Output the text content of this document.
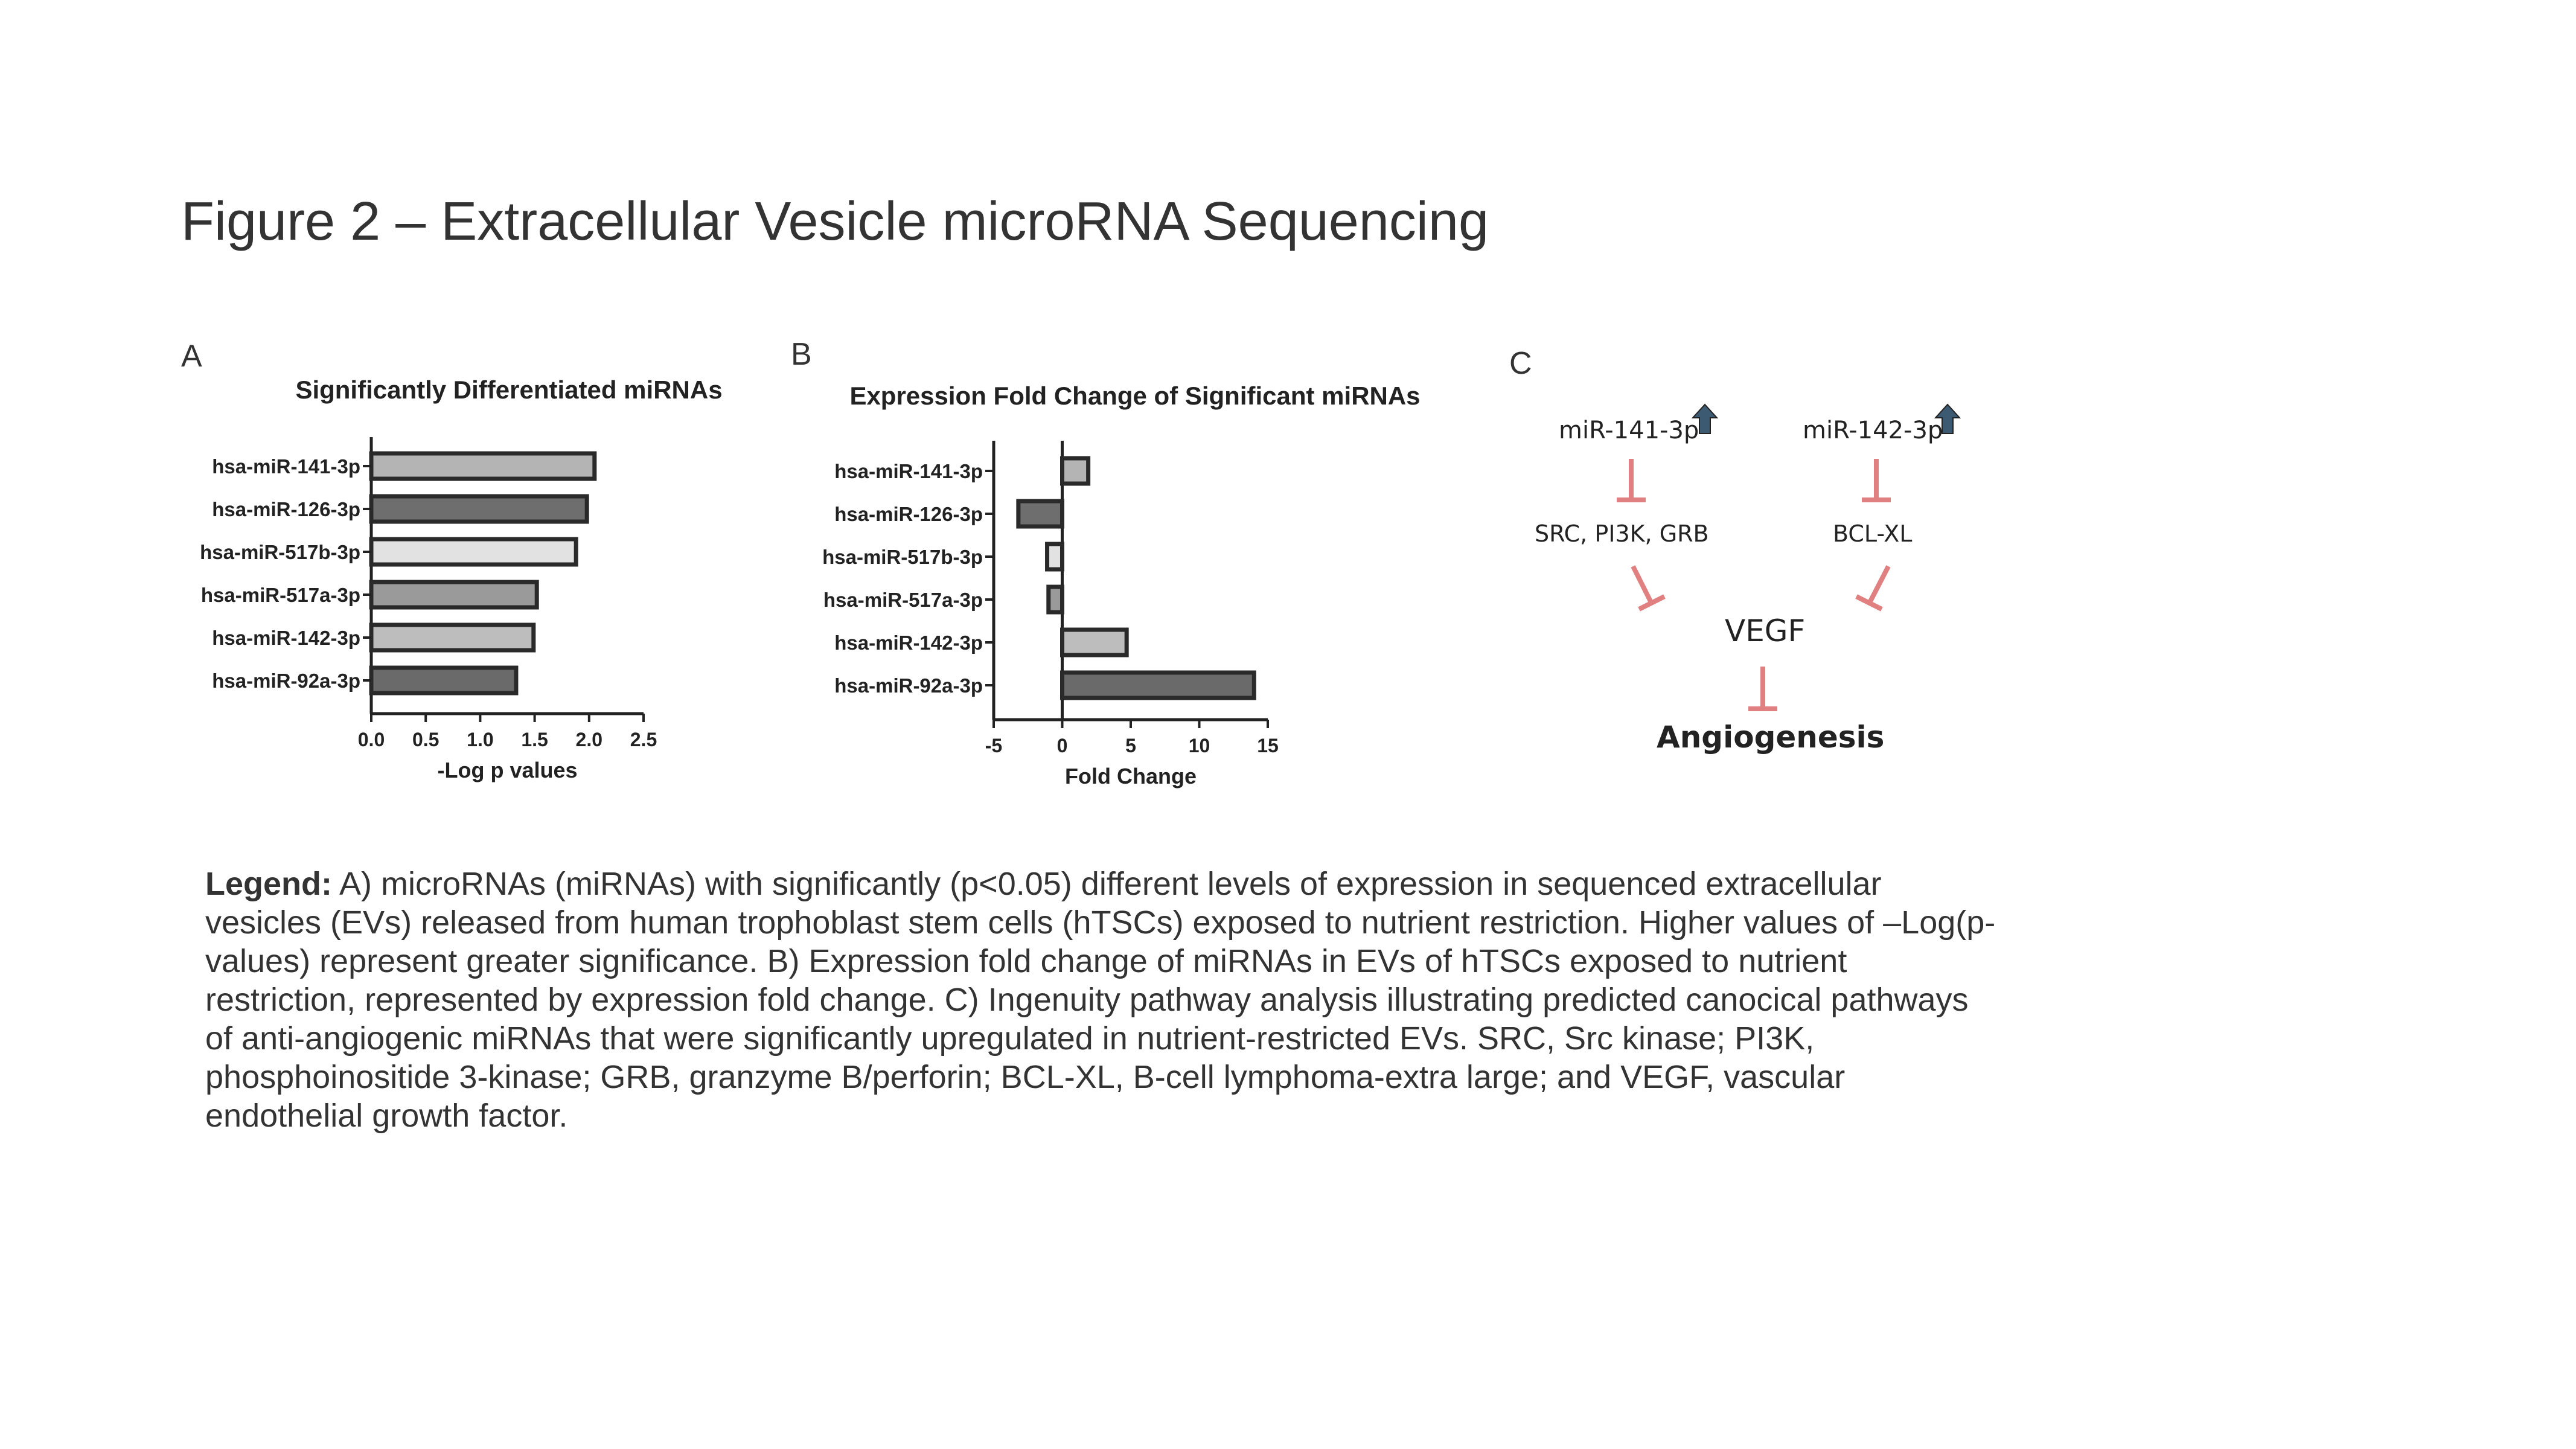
Figure 2 – Extracellular Vesicle microRNA Sequencing
A	B	C
Significantly Differentiated miRNAs
0.0 0.5 1.0 1.5 2.0 2.5
-Log p values
hsa-miR-141-3p
hsa-miR-126-3p
hsa-miR-517b-3p
hsa-miR-517a-3p
hsa-miR-142-3p
hsa-miR-92a-3p
Expression Fold Change of Significant miRNAs
-5	0	5	10 15
Fold Change
hsa-miR-141-3p
hsa-miR-126-3p
hsa-miR-517b-3p
hsa-miR-517a-3p
hsa-miR-142-3p
hsa-miR-92a-3p
miR-141-3p	miR-142-3p
SRC, PI3K, GRB	BCL-XL
VEGF
Angiogenesis
Legend: A) microRNAs (miRNAs) with significantly (p<0.05) different levels of expression in sequenced extracellular vesicles (EVs) released from human trophoblast stem cells (hTSCs) exposed to nutrient restriction. Higher values of –Log(p-values) represent greater significance. B) Expression fold change of miRNAs in EVs of hTSCs exposed to nutrient restriction, represented by expression fold change. C) Ingenuity pathway analysis illustrating predicted canocical pathways of anti-angiogenic miRNAs that were significantly upregulated in nutrient-restricted EVs. SRC, Src kinase; PI3K, phosphoinositide 3-kinase; GRB, granzyme B/perforin; BCL-XL, B-cell lymphoma-extra large; and VEGF, vascular endothelial growth factor.
